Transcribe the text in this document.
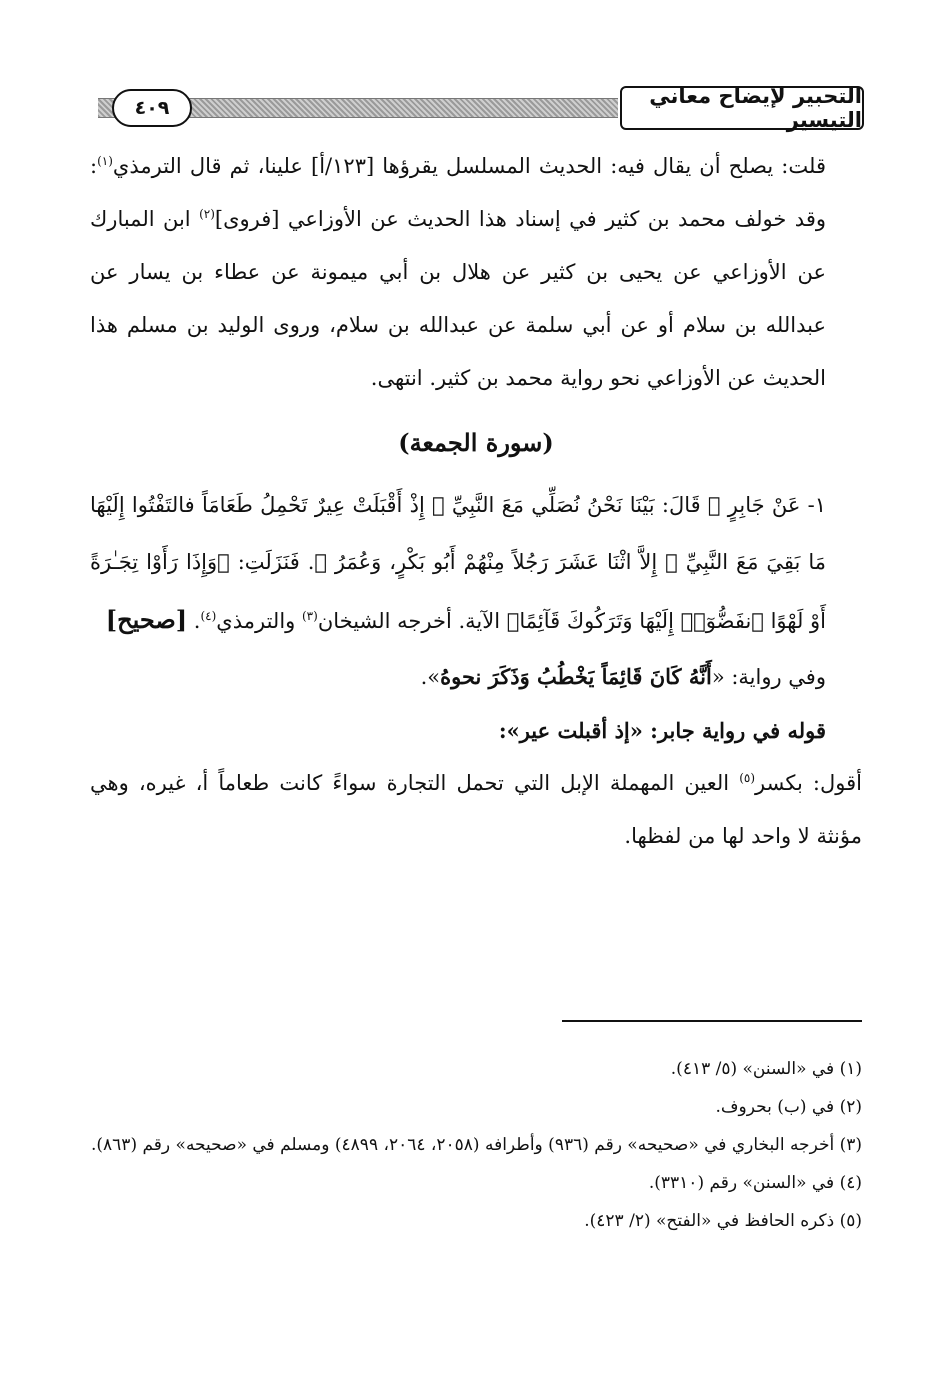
٤٠٩	التحبير لإيضاح معاني التيسير

قلت: يصلح أن يقال فيه: الحديث المسلسل يقرؤها [١٢٣/أ] علينا، ثم قال الترمذي$^{(١)}$: وقد خولف محمد بن كثير في إسناد هذا الحديث عن الأوزاعي [فروى]$^{(٢)}$ ابن المبارك عن الأوزاعي عن يحيى بن كثير عن هلال بن أبي ميمونة عن عطاء بن يسار عن عبدالله بن سلام أو عن أبي سلمة عن عبدالله بن سلام، وروى الوليد بن مسلم هذا الحديث عن الأوزاعي نحو رواية محمد بن كثير. انتهى.

(سورة الجمعة)

١- عَنْ جَابِرٍ ﵁ قَالَ: بَيْنَا نَحْنُ نُصَلِّي مَعَ النَّبِيِّ ﷺ إِذْ أَقْبَلَتْ عِيرٌ تَحْمِلُ طَعَامَاً فالتَفْتُوا إِلَيْهَا مَا بَقِيَ مَعَ النَّبِيِّ ﷺ إِلاَّ اثْنَا عَشَرَ رَجُلاً مِنْهُمْ أَبُو بَكْرٍ، وَعُمَرُ ﵄. فَنَزَلَتِ: ﴿وَإِذَا رَأَوْا تِجَـٰرَةً أَوْ لَهْوًا ٱنفَضُّوٓا۟ إِلَيْهَا وَتَرَكُوكَ قَآئِمًا﴾ الآية. أخرجه الشيخان$^{(٣)}$ والترمذي$^{(٤)}$. [صحيح]

وفي رواية: «أَنَّهُ كَانَ قَائِمَاً يَخْطُبُ وَذَكَرَ نحوهُ».

قوله في رواية جابر: «إذ أقبلت عير»:

أقول: بكسر$^{(٥)}$ العين المهملة الإبل التي تحمل التجارة سواءً كانت طعاماً أ، غيره، وهي مؤنثة لا واحد لها من لفظها.

(١) في «السنن» (٥/ ٤١٣).

(٢) في (ب) بحروف.

(٣) أخرجه البخاري في «صحيحه» رقم (٩٣٦) وأطرافه (٢٠٥٨، ٢٠٦٤، ٤٨٩٩) ومسلم في «صحيحه» رقم (٨٦٣).

(٤) في «السنن» رقم (٣٣١٠).

(٥) ذكره الحافظ في «الفتح» (٢/ ٤٢٣).
